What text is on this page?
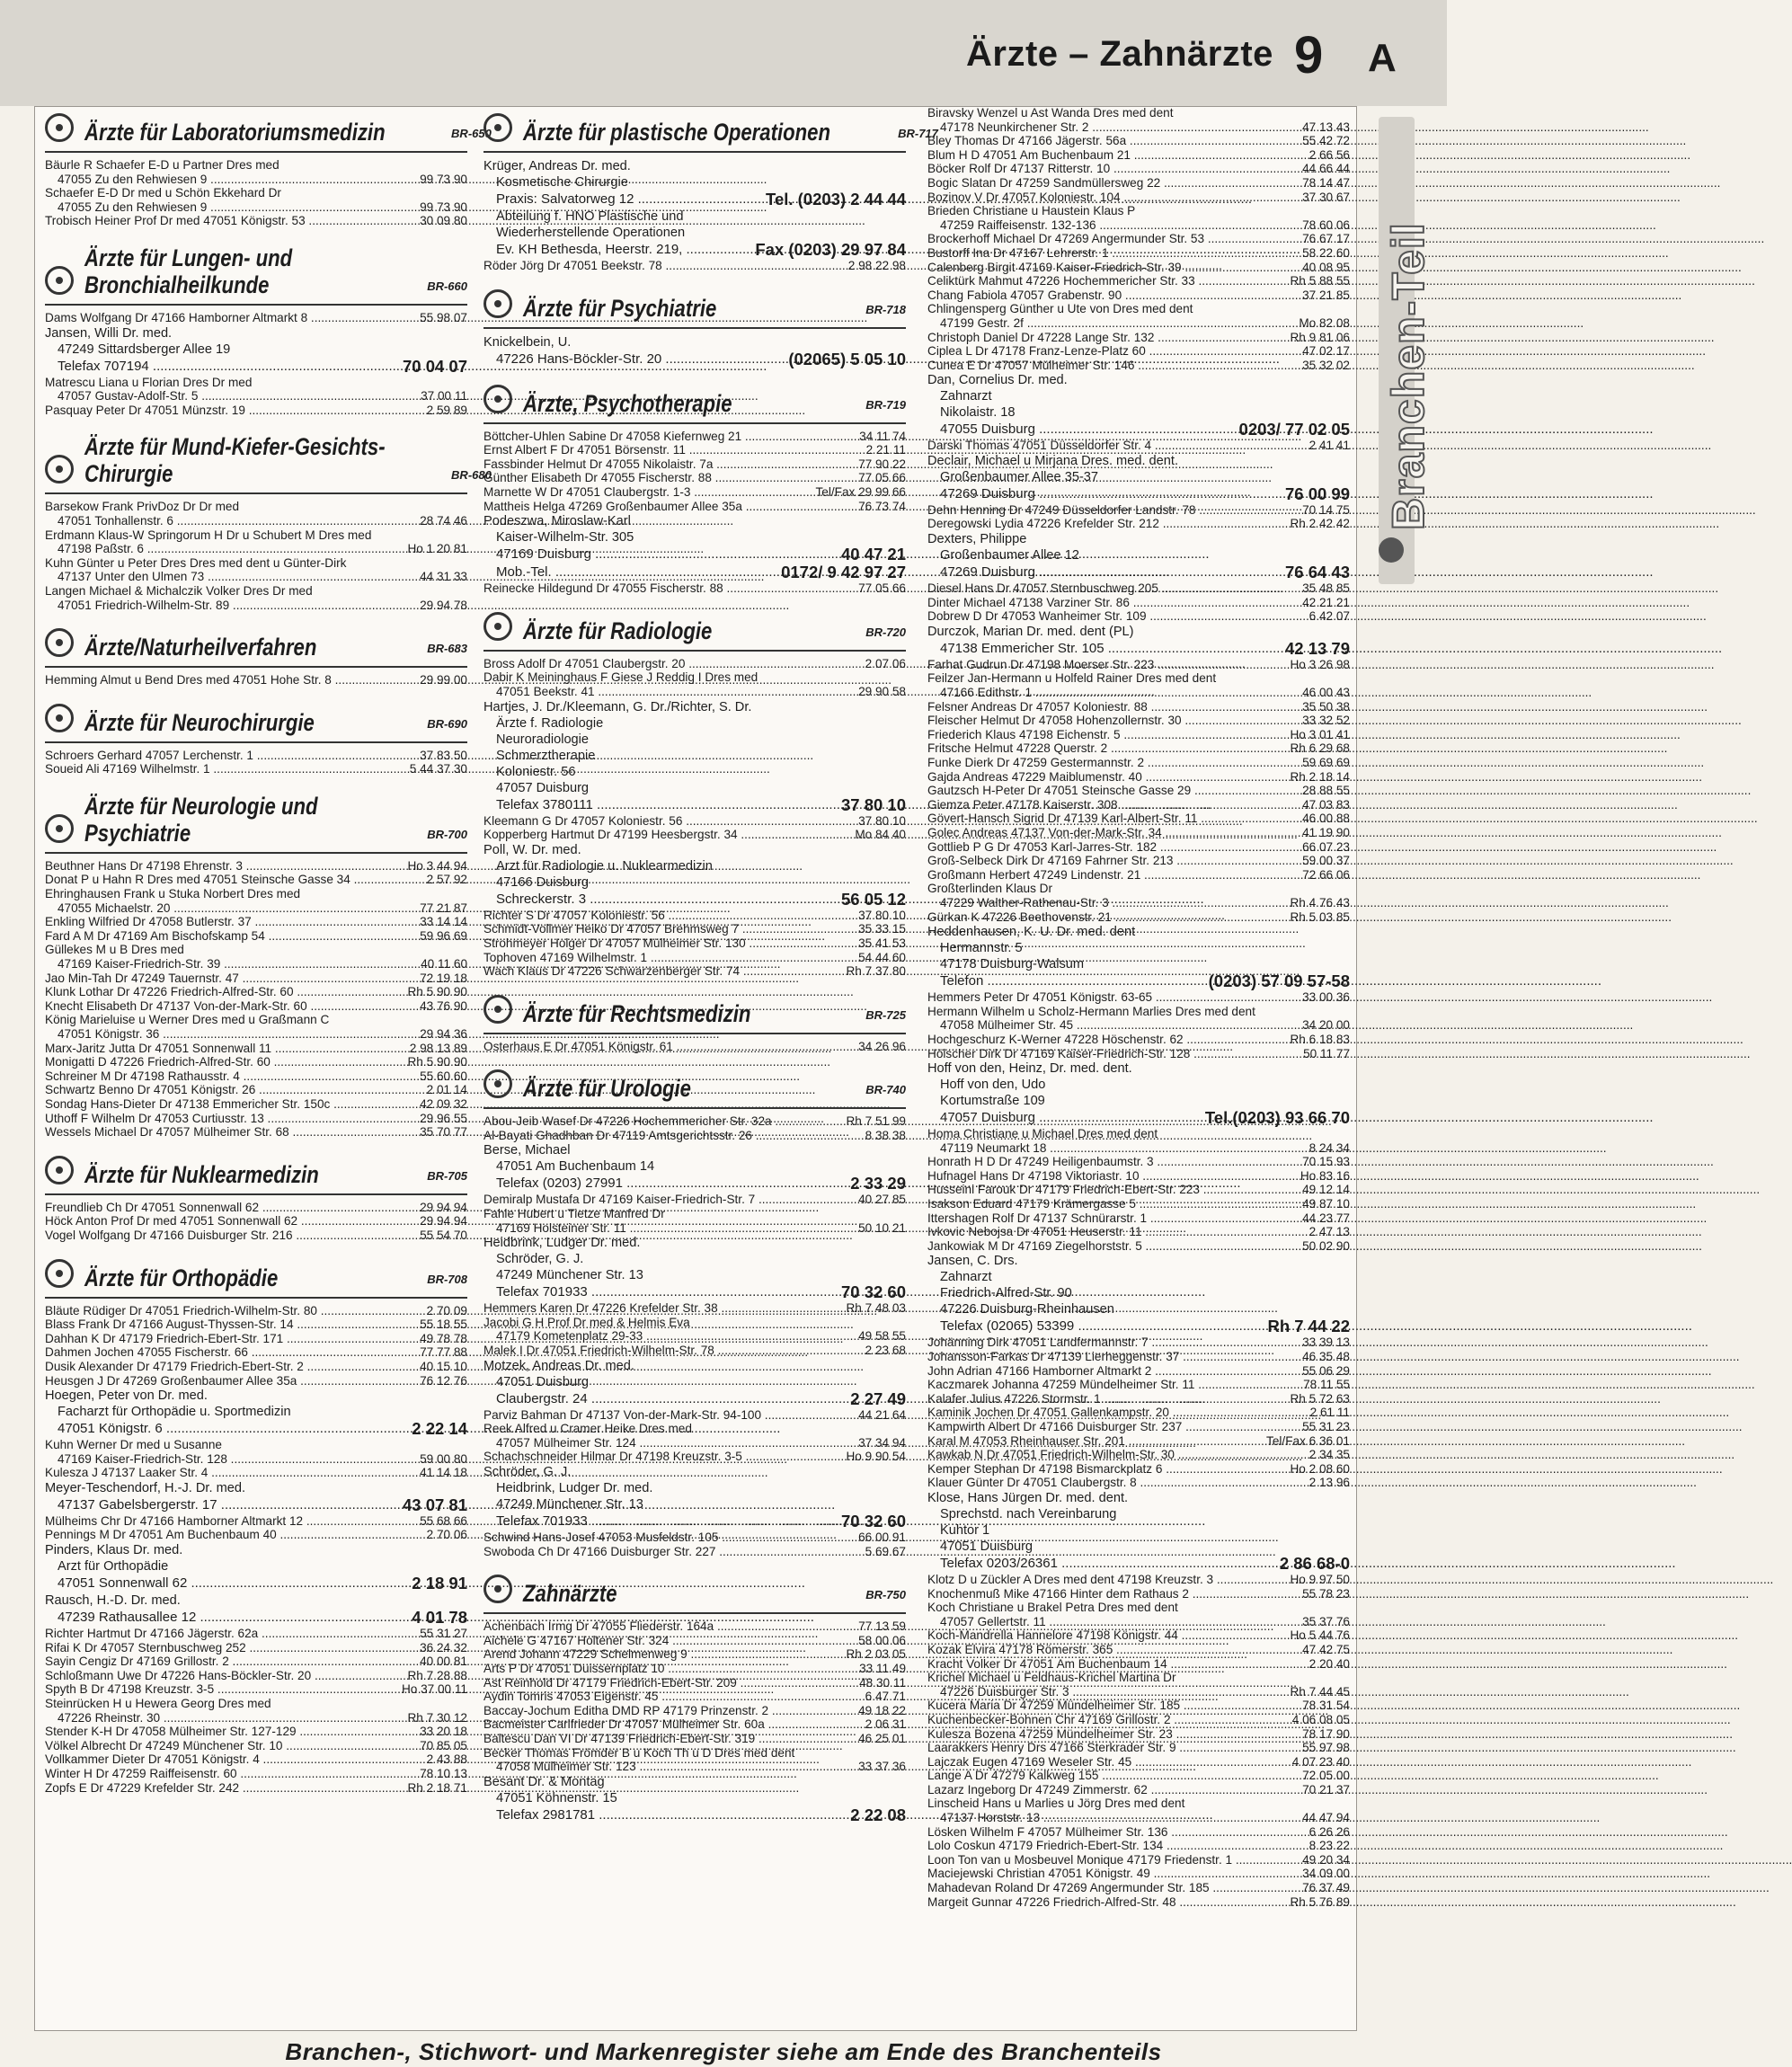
Ärzte – Zahnärzte 9 A
Ärzte für Laboratoriumsmedizin	BR-650
Bäurle R Schaefer E-D u Partner Dres med
47055 Zu den Rehwiesen 9 .....	99 73 90
Schaefer E-D Dr med u Schön Ekkehard Dr
47055 Zu den Rehwiesen 9 .....	99 73 90
Trobisch Heiner Prof Dr med 47051 Königstr. 53 .....	30 09 80
Ärzte für Lungen- und
Bronchialheilkunde	BR-660
Dams Wolfgang Dr 47166 Hamborner Altmarkt 8 .....	55 98 07
Jansen, Willi Dr. med.
47249 Sittardsberger Allee 19
Telefax 707194 .....	70 04 07
Matrescu Liana u Florian Dres Dr med
47057 Gustav-Adolf-Str. 5 .....	37 00 11
Pasquay Peter Dr 47051 Münzstr. 19 .....	2 59 89
Ärzte für Mund-Kiefer-Gesichts-
Chirurgie	BR-680
Barsekow Frank PrivDoz Dr Dr med
47051 Tonhallenstr. 6 .....	28 74 46
Erdmann Klaus-W Springorum H Dr u Schubert M Dres med
47198 Paßstr. 6 .....	Ho 1 20 81
Kuhn Günter u Peter Dres Dres med dent u Günter-Dirk
47137 Unter den Ulmen 73 .....	44 31 33
Langen Michael & Michalczik Volker Dres Dr med
47051 Friedrich-Wilhelm-Str. 89 .....	29 94 78
Ärzte/Naturheilverfahren	BR-683
Hemming Almut u Bend Dres med 47051 Hohe Str. 8 .....	29 99 00
Ärzte für Neurochirurgie	BR-690
Schroers Gerhard 47057 Lerchenstr. 1 .....	37 83 50
Soueid Ali 47169 Wilhelmstr. 1 .....	5 44 37 30
Ärzte für Neurologie und
Psychiatrie	BR-700
Beuthner Hans Dr 47198 Ehrenstr. 3 .....	Ho 3 44 94
Donat P u Hahn R Dres med 47051 Steinsche Gasse 34 .....	2 57 92
Ehringhausen Frank u Stuka Norbert Dres med
47055 Michaelstr. 20 .....	77 21 87
Enkling Wilfried Dr 47058 Butlerstr. 37 .....	33 14 14
Fard A M Dr 47169 Am Bischofskamp 54 .....	59 96 69
Güllekes M u B Dres med
47169 Kaiser-Friedrich-Str. 39 .....	40 11 60
Jao Min-Tah Dr 47249 Tauernstr. 47 .....	72 19 18
Klunk Lothar Dr 47226 Friedrich-Alfred-Str. 60 .....	Rh 5 90 90
Knecht Elisabeth Dr 47137 Von-der-Mark-Str. 60 .....	43 76 90
König Marieluise u Werner Dres med u Graßmann C
47051 Königstr. 36 .....	29 94 36
Marx-Jaritz Jutta Dr 47051 Sonnenwall 11 .....	2 98 13 89
Monigatti D 47226 Friedrich-Alfred-Str. 60 .....	Rh 5 90 90
Schreiner M Dr 47198 Rathausstr. 4 .....	55 60 60
Schwartz Benno Dr 47051 Königstr. 26 .....	2 01 14
Sondag Hans-Dieter Dr 47138 Emmericher Str. 150c .....	42 09 32
Uthoff F Wilhelm Dr 47053 Curtiusstr. 13 .....	29 96 55
Wessels Michael Dr 47057 Mülheimer Str. 68 .....	35 70 77
Ärzte für Nuklearmedizin	BR-705
Freundlieb Ch Dr 47051 Sonnenwall 62 .....	29 94 94
Höck Anton Prof Dr med 47051 Sonnenwall 62 .....	29 94 94
Vogel Wolfgang Dr 47166 Duisburger Str. 216 .....	55 54 70
Ärzte für Orthopädie	BR-708
Bläute Rüdiger Dr 47051 Friedrich-Wilhelm-Str. 80 .....	2 70 09
Blass Frank Dr 47166 August-Thyssen-Str. 14 .....	55 18 55
Dahhan K Dr 47179 Friedrich-Ebert-Str. 171 .....	49 78 78
Dahmen Jochen 47055 Fischerstr. 66 .....	77 77 88
Dusik Alexander Dr 47179 Friedrich-Ebert-Str. 2 .....	40 15 10
Heusgen J Dr 47269 Großenbaumer Allee 35a .....	76 12 76
Hoegen, Peter von Dr. med.
Facharzt für Orthopädie u. Sportmedizin
47051 Königstr. 6 .....	2 22 14
Kuhn Werner Dr med u Susanne
47169 Kaiser-Friedrich-Str. 128 .....	59 00 80
Kulesza J 47137 Laaker Str. 4 .....	41 14 18
Meyer-Teschendorf, H.-J. Dr. med.
47137 Gabelsbergerstr. 17 .....	43 07 81
Mülheims Chr Dr 47166 Hamborner Altmarkt 12 .....	55 68 66
Pennings M Dr 47051 Am Buchenbaum 40 .....	2 70 06
Pinders, Klaus Dr. med.
Arzt für Orthopädie
47051 Sonnenwall 62 .....	2 18 91
Rausch, H.-D. Dr. med.
47239 Rathausallee 12 .....	4 01 78
Richter Hartmut Dr 47166 Jägerstr. 62a .....	55 31 27
Rifai K Dr 47057 Sternbuschweg 252 .....	36 24 32
Sayin Cengiz Dr 47169 Grillostr. 2 .....	40 00 81
Schloßmann Uwe Dr 47226 Hans-Böckler-Str. 20 .....	Rh 7 28 88
Spyth B Dr 47198 Kreuzstr. 3-5 .....	Ho 37 00 11
Steinrücken H u Hewera Georg Dres med
47226 Rheinstr. 30 .....	Rh 7 30 12
Stender K-H Dr 47058 Mülheimer Str. 127-129 .....	33 20 18
Völkel Albrecht Dr 47249 Münchener Str. 10 .....	70 85 05
Vollkammer Dieter Dr 47051 Königstr. 4 .....	2 43 88
Winter H Dr 47259 Raiffeisenstr. 60 .....	78 10 13
Zopfs E Dr 47229 Krefelder Str. 242 .....	Rh 2 18 71
Ärzte für plastische Operationen	BR-717
Krüger, Andreas Dr. med.
Kosmetische Chirurgie
Praxis: Salvatorweg 12 .....	Tel. (0203) 2 44 44
Abteilung f. HNO Plastische und
Wiederherstellende Operationen
Ev. KH Bethesda, Heerstr. 219, .....	Fax (0203) 29 97 84
Röder Jörg Dr 47051 Beekstr. 78 .....	2 98 22 98
Ärzte für Psychiatrie	BR-718
Knickelbein, U.
47226 Hans-Böckler-Str. 20 .....	(02065) 5 05 10
Ärzte, Psychotherapie	BR-719
Böttcher-Uhlen Sabine Dr 47058 Kiefernweg 21 .....	34 11 74
Ernst Albert F Dr 47051 Börsenstr. 11 .....	2 21 11
Fassbinder Helmut Dr 47055 Nikolaistr. 7a .....	77 90 22
Günther Elisabeth Dr 47055 Fischerstr. 88 .....	77 05 66
Marnette W Dr 47051 Claubergstr. 1-3 .....	Tel/Fax 29 99 66
Mattheis Helga 47269 Großenbaumer Allee 35a .....	76 73 74
Podeszwa, Miroslaw-Karl
Kaiser-Wilhelm-Str. 305
47169 Duisburg .....	40 47 21
Mob.-Tel. .....	0172/ 9 42 97 27
Reinecke Hildegund Dr 47055 Fischerstr. 88 .....	77 05 66
Ärzte für Radiologie	BR-720
Bross Adolf Dr 47051 Claubergstr. 20 .....	2 07 06
Dabir K Meininghaus F Giese J Reddig I Dres med
47051 Beekstr. 41 .....	29 90 58
Hartjes, J. Dr./Kleemann, G. Dr./Richter, S. Dr.
Ärzte f. Radiologie
Neuroradiologie
Schmerztherapie
Koloniestr. 56
47057 Duisburg
Telefax 3780111 .....	37 80 10
Kleemann G Dr 47057 Koloniestr. 56 .....	37 80 10
Kopperberg Hartmut Dr 47199 Heesbergstr. 34 .....	Mo 84 40
Poll, W. Dr. med.
Arzt für Radiologie u. Nuklearmedizin
47166 Duisburg
Schreckerstr. 3 .....	56 05 12
Richter S Dr 47057 Koloniestr. 56 .....	37 80 10
Schmidt-Vollmer Heiko Dr 47057 Brehmsweg 7 .....	35 33 15
Strohmeyer Holger Dr 47057 Mülheimer Str. 130 .....	35 41 53
Tophoven 47169 Wilhelmstr. 1 .....	54 44 60
Wach Klaus Dr 47226 Schwarzenberger Str. 74 .....	Rh 7 37 80
Ärzte für Rechtsmedizin	BR-725
Osterhaus E Dr 47051 Königstr. 61 .....	34 26 96
Ärzte für Urologie	BR-740
Abou-Jeib Wasef Dr 47226 Hochemmericher Str. 32a .....	Rh 7 51 99
Al-Bayati Ghadhban Dr 47119 Amtsgerichtsstr. 26 .....	8 38 38
Berse, Michael
47051 Am Buchenbaum 14
Telefax (0203) 27991 .....	2 33 29
Demiralp Mustafa Dr 47169 Kaiser-Friedrich-Str. 7 .....	40 27 85
Fahle Hubert u Tietze Manfred Dr
47169 Holsteiner Str. 11 .....	50 10 21
Heidbrink, Ludger Dr. med.
Schröder, G. J.
47249 Münchener Str. 13
Telefax 701933 .....	70 32 60
Hemmers Karen Dr 47226 Krefelder Str. 38 .....	Rh 7 48 03
Jacobi G H Prof Dr med & Helmis Eva
47179 Kometenplatz 29-33 .....	49 58 55
Malek I Dr 47051 Friedrich-Wilhelm-Str. 78 .....	2 23 68
Motzek, Andreas Dr. med.
47051 Duisburg
Claubergstr. 24 .....	2 27 49
Parviz Bahman Dr 47137 Von-der-Mark-Str. 94-100 .....	44 21 64
Reek Alfred u Cramer Heike Dres med
47057 Mülheimer Str. 124 .....	37 34 94
Schachschneider Hilmar Dr 47198 Kreuzstr. 3-5 .....	Ho 9 90 54
Schröder, G. J.
Heidbrink, Ludger Dr. med.
47249 Münchener Str. 13
Telefax 701933 .....	70 32 60
Schwind Hans-Josef 47053 Musfeldstr. 105 .....	66 00 91
Swoboda Ch Dr 47166 Duisburger Str. 227 .....	5 69 67
Zahnärzte	BR-750
Achenbach Irmg Dr 47055 Fliederstr. 164a .....	77 13 59
Aichele G 47167 Holtener Str. 324 .....	58 00 06
Arend Johann 47229 Schelmenweg 9 .....	Rh 2 03 05
Arts P Dr 47051 Duissernplatz 10 .....	33 11 49
Ast Reinhold Dr 47179 Friedrich-Ebert-Str. 209 .....	48 30 11
Aydin Tomris 47053 Eigenstr. 45 .....	6 47 71
Baccay-Jochum Editha DMD RP 47179 Prinzenstr. 2 .....	49 18 22
Bacmeister Carlfrieder Dr 47057 Mülheimer Str. 60a .....	2 06 31
Baltescu Dan VI Dr 47139 Friedrich-Ebert-Str. 319 .....	46 25 01
Becker Thomas Frömder B u Koch Th u D Dres med dent
47058 Mülheimer Str. 123 .....	33 37 36
Besant Dr. & Montag
47051 Köhnenstr. 15
Telefax 2981781 .....	2 22 08
Biravsky Wenzel u Ast Wanda Dres med dent
47178 Neunkirchener Str. 2 .....	47 13 43
Bley Thomas Dr 47166 Jägerstr. 56a .....	55 42 72
Blum H D 47051 Am Buchenbaum 21 .....	2 66 56
Böcker Rolf Dr 47137 Ritterstr. 10 .....	44 66 44
Bogic Slatan Dr 47259 Sandmüllersweg 22 .....	78 14 47
Bozinov V Dr 47057 Koloniestr. 104 .....	37 30 67
Brieden Christiane u Haustein Klaus P
47259 Raiffeisenstr. 132-136 .....	78 60 06
Brockerhoff Michael Dr 47269 Angermunder Str. 53 .....	76 67 17
Bustorff Ina Dr 47167 Lehrerstr. 1 .....	58 22 60
Calenberg Birgit 47169 Kaiser-Friedrich-Str. 39 .....	40 08 95
Celiktürk Mahmut 47226 Hochemmericher Str. 33 .....	Rh 5 88 55
Chang Fabiola 47057 Grabenstr. 90 .....	37 21 85
Chlingensperg Günther u Ute von Dres med dent
47199 Gestr. 2f .....	Mo 82 08
Christoph Daniel Dr 47228 Lange Str. 132 .....	Rh 9 81 06
Ciplea L Dr 47178 Franz-Lenze-Platz 60 .....	47 02 17
Cunea E Dr 47057 Mülheimer Str. 146 .....	35 32 02
Dan, Cornelius Dr. med.
Zahnarzt
Nikolaistr. 18
47055 Duisburg .....	0203/ 77 02 05
Darski Thomas 47051 Düsseldorfer Str. 4 .....	2 41 41
Declair, Michael u Mirjana Dres. med. dent.
Großenbaumer Allee 35-37
47269 Duisburg .....	76 00 99
Dehn Henning Dr 47249 Düsseldorfer Landstr. 78 .....	70 14 75
Deregowski Lydia 47226 Krefelder Str. 212 .....	Rh 2 42 42
Dexters, Philippe
Großenbaumer Allee 12
47269 Duisburg .....	76 64 43
Diesel Hans Dr 47057 Sternbuschweg 205 .....	35 48 85
Dinter Michael 47138 Varziner Str. 86 .....	42 21 21
Dobrew D Dr 47053 Wanheimer Str. 109 .....	6 42 07
Durczok, Marian Dr. med. dent (PL)
47138 Emmericher Str. 105 .....	42 13 79
Farhat Gudrun Dr 47198 Moerser Str. 223 .....	Ho 3 26 98
Feilzer Jan-Hermann u Holfeld Rainer Dres med dent
47166 Edithstr. 1 .....	46 00 43
Felsner Andreas Dr 47057 Koloniestr. 88 .....	35 50 38
Fleischer Helmut Dr 47058 Hohenzollernstr. 30 .....	33 32 52
Friederich Klaus 47198 Eichenstr. 5 .....	Ho 3 01 41
Fritsche Helmut 47228 Querstr. 2 .....	Rh 6 29 68
Funke Dierk Dr 47259 Gestermannstr. 2 .....	59 69 69
Gajda Andreas 47229 Maiblumenstr. 40 .....	Rh 2 18 14
Gautzsch H-Peter Dr 47051 Steinsche Gasse 29 .....	28 88 55
Giemza Peter 47178 Kaiserstr. 308 .....	47 03 83
Gövert-Hansch Sigrid Dr 47139 Karl-Albert-Str. 11 .....	46 00 88
Golec Andreas 47137 Von-der-Mark-Str. 34 .....	41 19 90
Gottlieb P G Dr 47053 Karl-Jarres-Str. 182 .....	66 07 23
Groß-Selbeck Dirk Dr 47169 Fahrner Str. 213 .....	59 00 37
Großmann Herbert 47249 Lindenstr. 21 .....	72 66 06
Großterlinden Klaus Dr
47229 Walther-Rathenau-Str. 3 .....	Rh 4 76 43
Gürkan K 47226 Beethovenstr. 21 .....	Rh 5 03 85
Heddenhausen, K. U. Dr. med. dent
Hermannstr. 5
47178 Duisburg-Walsum
Telefon .....	(0203) 57 09 57-58
Hemmers Peter Dr 47051 Königstr. 63-65 .....	33 00 36
Hermann Wilhelm u Scholz-Hermann Marlies Dres med dent
47058 Mülheimer Str. 45 .....	34 20 00
Hochgeschurz K-Werner 47228 Höschenstr. 62 .....	Rh 6 18 83
Hölscher Dirk Dr 47169 Kaiser-Friedrich-Str. 128 .....	50 11 77
Hoff von den, Heinz, Dr. med. dent.
Hoff von den, Udo
Kortumstraße 109
47057 Duisburg .....	Tel.(0203) 93 66 70
Homa Christiane u Michael Dres med dent
47119 Neumarkt 18 .....	8 24 34
Honrath H D Dr 47249 Heiligenbaumstr. 3 .....	70 15 93
Hufnagel Hans Dr 47198 Viktoriastr. 10 .....	Ho 83 16
Husseini Farouk Dr 47179 Friedrich-Ebert-Str. 223 .....	49 12 14
Isakson Eduard 47179 Krämergasse 5 .....	49 87 10
Ittershagen Rolf Dr 47137 Schnürarstr. 1 .....	44 23 77
Ivkovic Nebojsa Dr 47051 Heuserstr. 11 .....	2 47 13
Jankowiak M Dr 47169 Ziegelhorststr. 5 .....	50 02 90
Jansen, C. Drs.
Zahnarzt
Friedrich-Alfred-Str. 90
47226 Duisburg-Rheinhausen
Telefax (02065) 53399 .....	Rh 7 44 22
Johänning Dirk 47051 Landfermannstr. 7 .....	33 39 13
Johansson-Farkas Dr 47139 Lierheggenstr. 37 .....	46 35 48
John Adrian 47166 Hamborner Altmarkt 2 .....	55 06 29
Kaczmarek Johanna 47259 Mündelheimer Str. 11 .....	78 11 55
Kalafer Julius 47226 Stormstr. 1 .....	Rh 5 72 63
Kaminik Jochen Dr 47051 Gallenkampstr. 20 .....	2 61 11
Kampwirth Albert Dr 47166 Duisburger Str. 237 .....	55 31 23
Karal M 47053 Rheinhauser Str. 201 .....	Tel/Fax 6 36 01
Kawkab N Dr 47051 Friedrich-Wilhelm-Str. 30 .....	2 34 35
Kemper Stephan Dr 47198 Bismarckplatz 6 .....	Ho 2 08 60
Klauer Günter Dr 47051 Claubergstr. 8 .....	2 13 96
Klose, Hans Jürgen Dr. med. dent.
Sprechstd. nach Vereinbarung
Kuhtor 1
47051 Duisburg
Telefax 0203/26361 .....	2 86 68-0
Klotz D u Zückler A Dres med dent 47198 Kreuzstr. 3 .....	Ho 9 97 50
Knochenmuß Mike 47166 Hinter dem Rathaus 2 .....	55 78 23
Koch Christiane u Brakel Petra Dres med dent
47057 Gellertstr. 11 .....	35 37 76
Koch-Mandrella Hannelore 47198 Königstr. 44 .....	Ho 5 44 76
Kozak Elvira 47178 Römerstr. 365 .....	47 42 75
Kracht Volker Dr 47051 Am Buchenbaum 14 .....	2 20 40
Krichel Michael u Feldhaus-Krichel Martina Dr
47226 Duisburger Str. 3 .....	Rh 7 44 45
Kucera Maria Dr 47259 Mündelheimer Str. 185 .....	78 31 54
Kuchenbecker-Bohnen Chr 47169 Grillostr. 2 .....	4 06 08 05
Kulesza Bozena 47259 Mündelheimer Str. 23 .....	78 17 90
Laarakkers Henry Drs 47166 Sterkrader Str. 9 .....	55 97 98
Lajczak Eugen 47169 Weseler Str. 45 .....	4 07 23 40
Lange A Dr 47279 Kalkweg 155 .....	72 05 00
Lazarz Ingeborg Dr 47249 Zimmerstr. 62 .....	70 21 37
Linscheid Hans u Marlies u Jörg Dres med dent
47137 Horststr. 13 .....	44 47 94
Lösken Wilhelm F 47057 Mülheimer Str. 136 .....	6 26 26
Lolo Coskun 47179 Friedrich-Ebert-Str. 134 .....	8 23 22
Loon Ton van u Mosbeuvel Monique 47179 Friedenstr. 1 .....	49 20 34
Maciejewski Christian 47051 Königstr. 49 .....	34 09 00
Mahadevan Roland Dr 47269 Angermunder Str. 185 .....	76 37 49
Margeit Gunnar 47226 Friedrich-Alfred-Str. 48 .....	Rh 5 76 89
Branchen-Teil
Branchen-, Stichwort- und Markenregister siehe am Ende des Branchenteils
